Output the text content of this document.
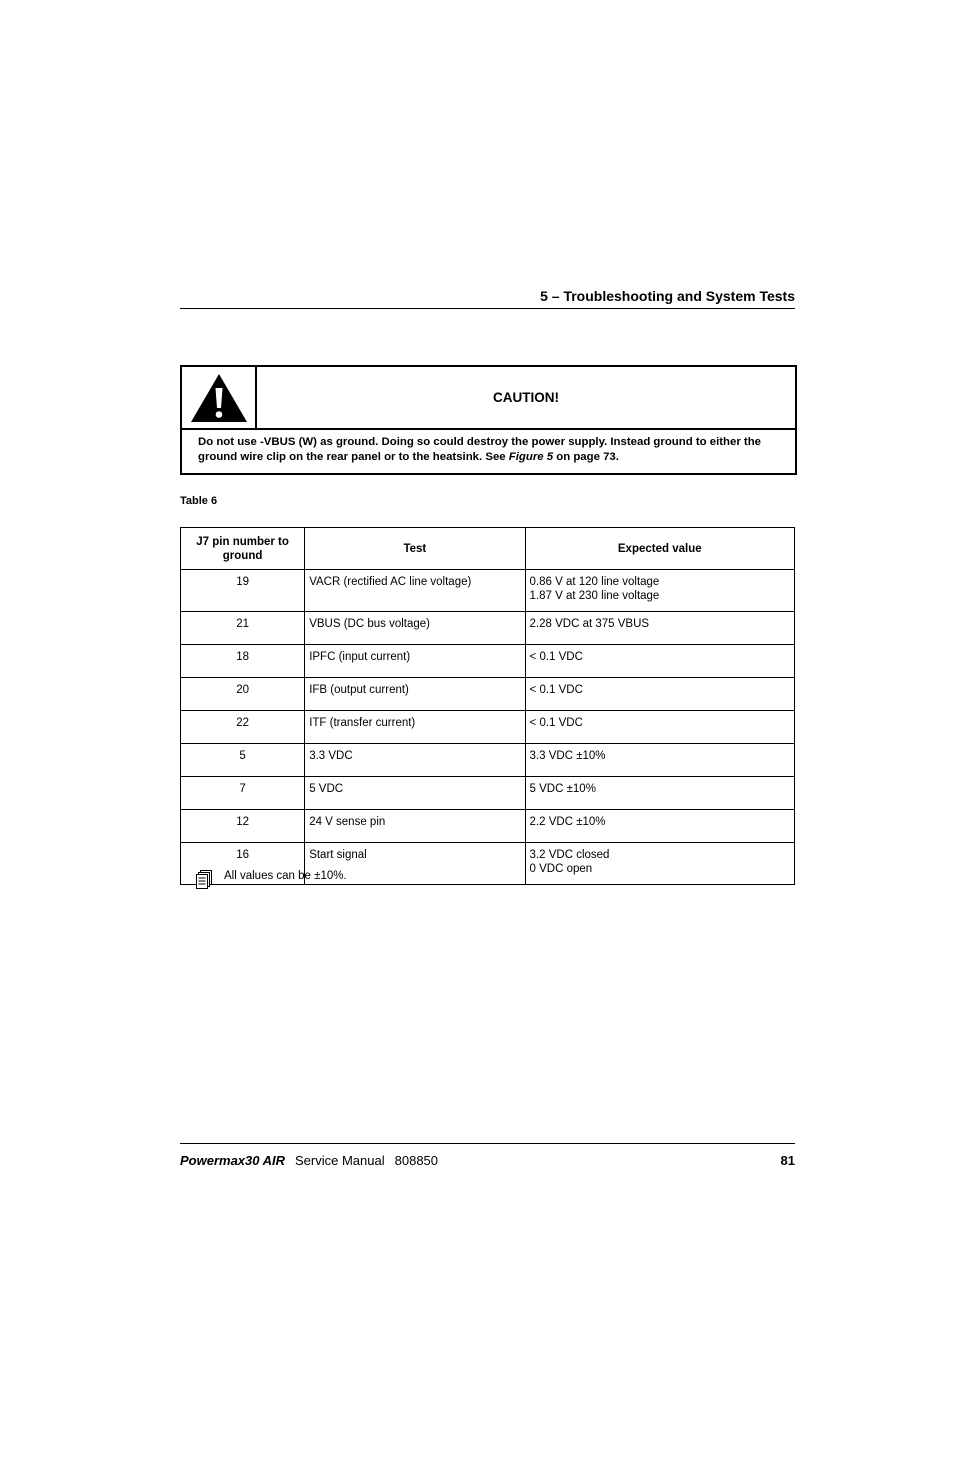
5 – Troubleshooting and System Tests
CAUTION!
Do not use -VBUS (W) as ground. Doing so could destroy the power supply. Instead ground to either the ground wire clip on the rear panel or to the heatsink. See Figure 5 on page 73.
Table 6
J7 pin number to ground	Test	Expected value
19	VACR (rectified AC line voltage)	0.86 V at 120 line voltage
1.87 V at 230 line voltage

21	VBUS (DC bus voltage)	2.28 VDC at 375 VBUS
18	IPFC (input current)	< 0.1 VDC
20	IFB (output current)	< 0.1 VDC
22	ITF (transfer current)	< 0.1 VDC
5	3.3 VDC	3.3 VDC ±10%
7	5 VDC	5 VDC ±10%
12	24 V sense pin	2.2 VDC ±10%
16	Start signal	3.2 VDC closed
0 VDC open
All values can be ±10%.
Powermax30 AIR Service Manual 808850	81
